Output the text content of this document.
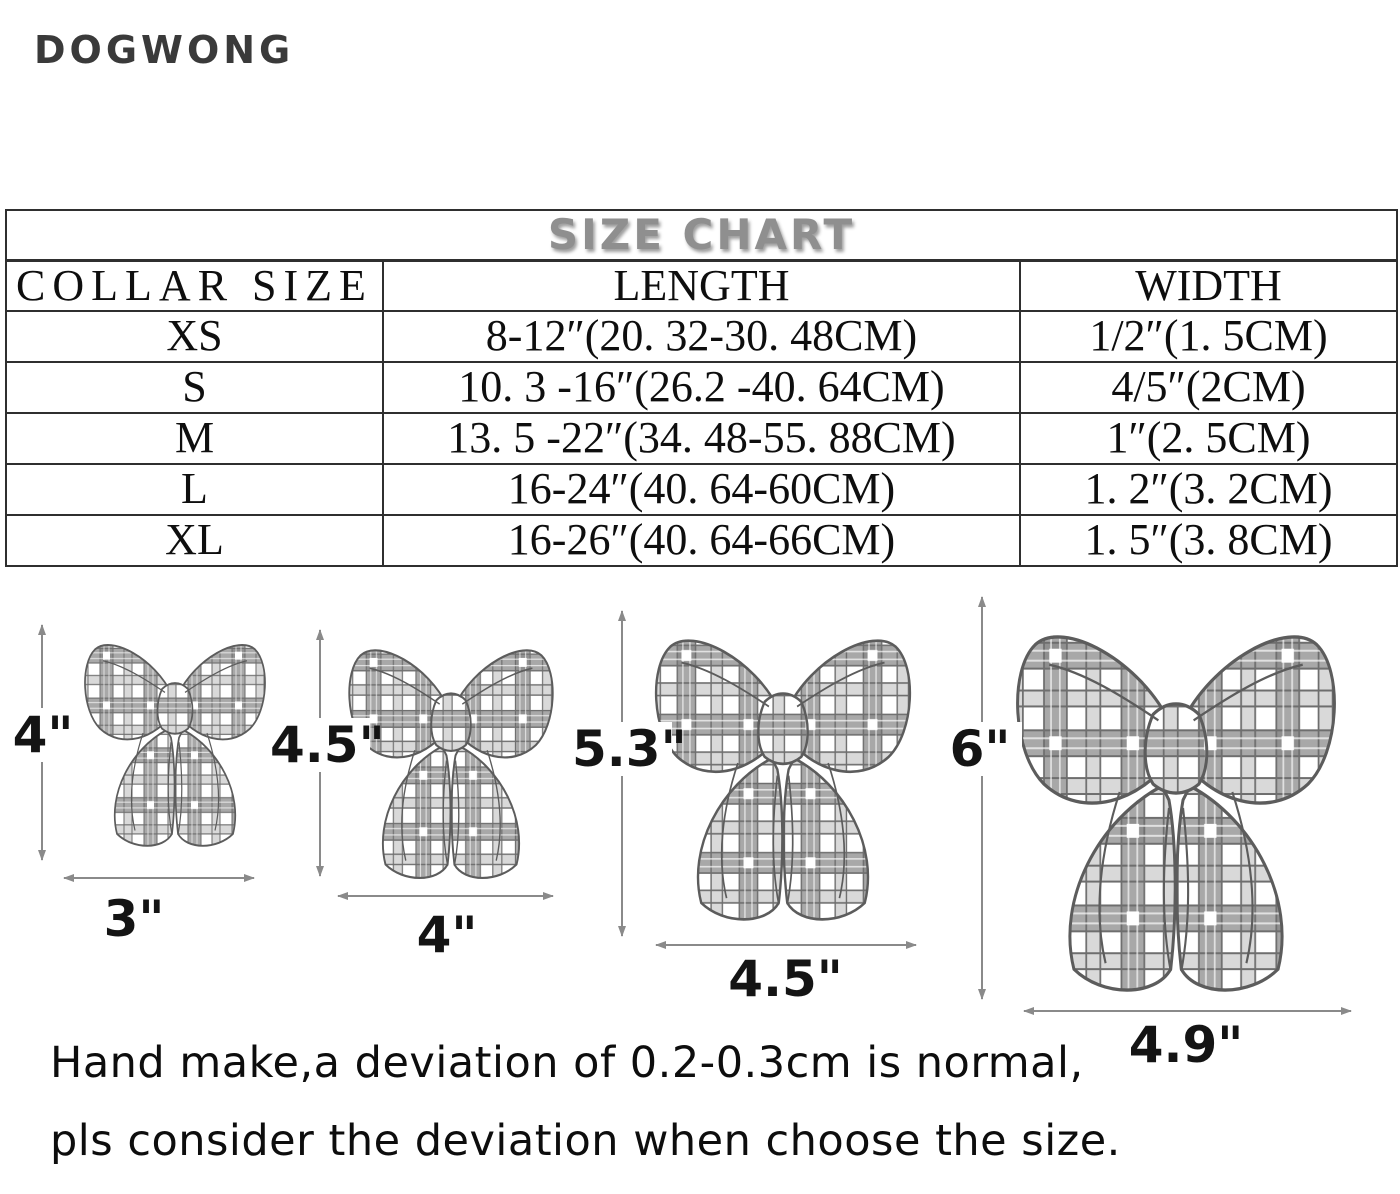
DOGWONG
SIZE CHART		
COLLAR SIZE	LENGTH	WIDTH
XS	8-12″(20. 32-30. 48CM)	1/2″(1. 5CM)
S	10. 3 -16″(26.2 -40. 64CM)	4/5″(2CM)
M	13. 5 -22″(34. 48-55. 88CM)	1″(2. 5CM)
L	16-24″(40. 64-60CM)	1. 2″(3. 2CM)
XL	16-26″(40. 64-66CM)	1. 5″(3. 8CM)
4"
3"
4.5"
4"
5.3"
4.5"
6"
4.9"
Hand make,a deviation of 0.2-0.3cm is normal,
pls consider the deviation when choose the size.
